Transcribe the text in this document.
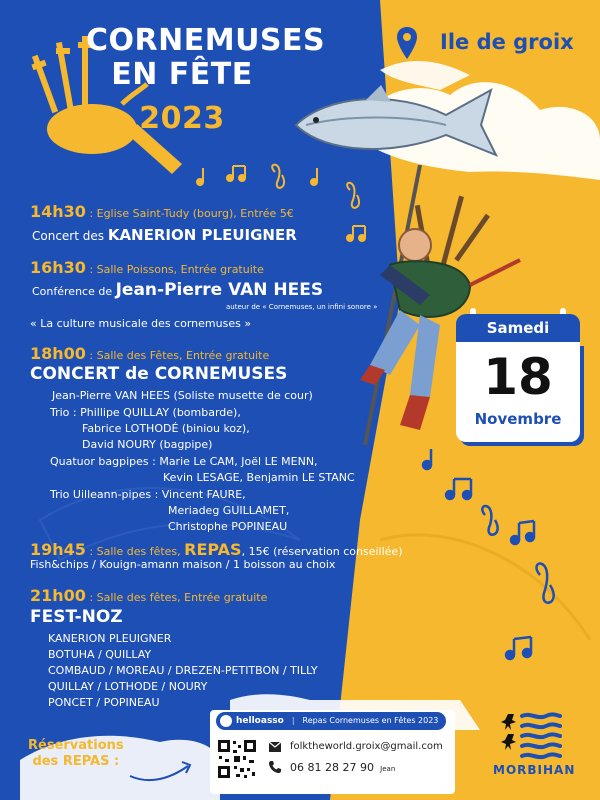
CORNEMUSES
EN FÊTE
2023
Ile de groix
14h30 : Eglise Saint-Tudy (bourg), Entrée 5€
Concert des KANERION PLEUIGNER
16h30 : Salle Poissons, Entrée gratuite
Conférence de Jean-Pierre VAN HEES
auteur de « Cornemuses, un infini sonore »
« La culture musicale des cornemuses »
18h00 : Salle des Fêtes, Entrée gratuite
CONCERT de CORNEMUSES
Jean-Pierre VAN HEES (Soliste musette de cour)
Trio : Phillipe QUILLAY (bombarde),
Fabrice LOTHODÉ (biniou koz),
David NOURY (bagpipe)
Quatuor bagpipes : Marie Le CAM, Joël LE MENN,
Kevin LESAGE, Benjamin LE STANC
Trio Uilleann-pipes : Vincent FAURE,
Meriadeg GUILLAMET,
Christophe POPINEAU
19h45 : Salle des fêtes, REPAS, 15€ (réservation conseillée)
Fish&chips / Kouign-amann maison / 1 boisson au choix
21h00 : Salle des fêtes, Entrée gratuite
FEST-NOZ
KANERION PLEUIGNER
BOTUHA / QUILLAY
COMBAUD / MOREAU / DREZEN-PETITBON / TILLY
QUILLAY / LOTHODE / NOURY
PONCET / POPINEAU
Samedi
18
Novembre
Réservations
des REPAS :
helloasso | Repas Cornemuses en Fêtes 2023
folktheworld.groix@gmail.com
06 81 28 27 90 Jean	MORBIHAN
